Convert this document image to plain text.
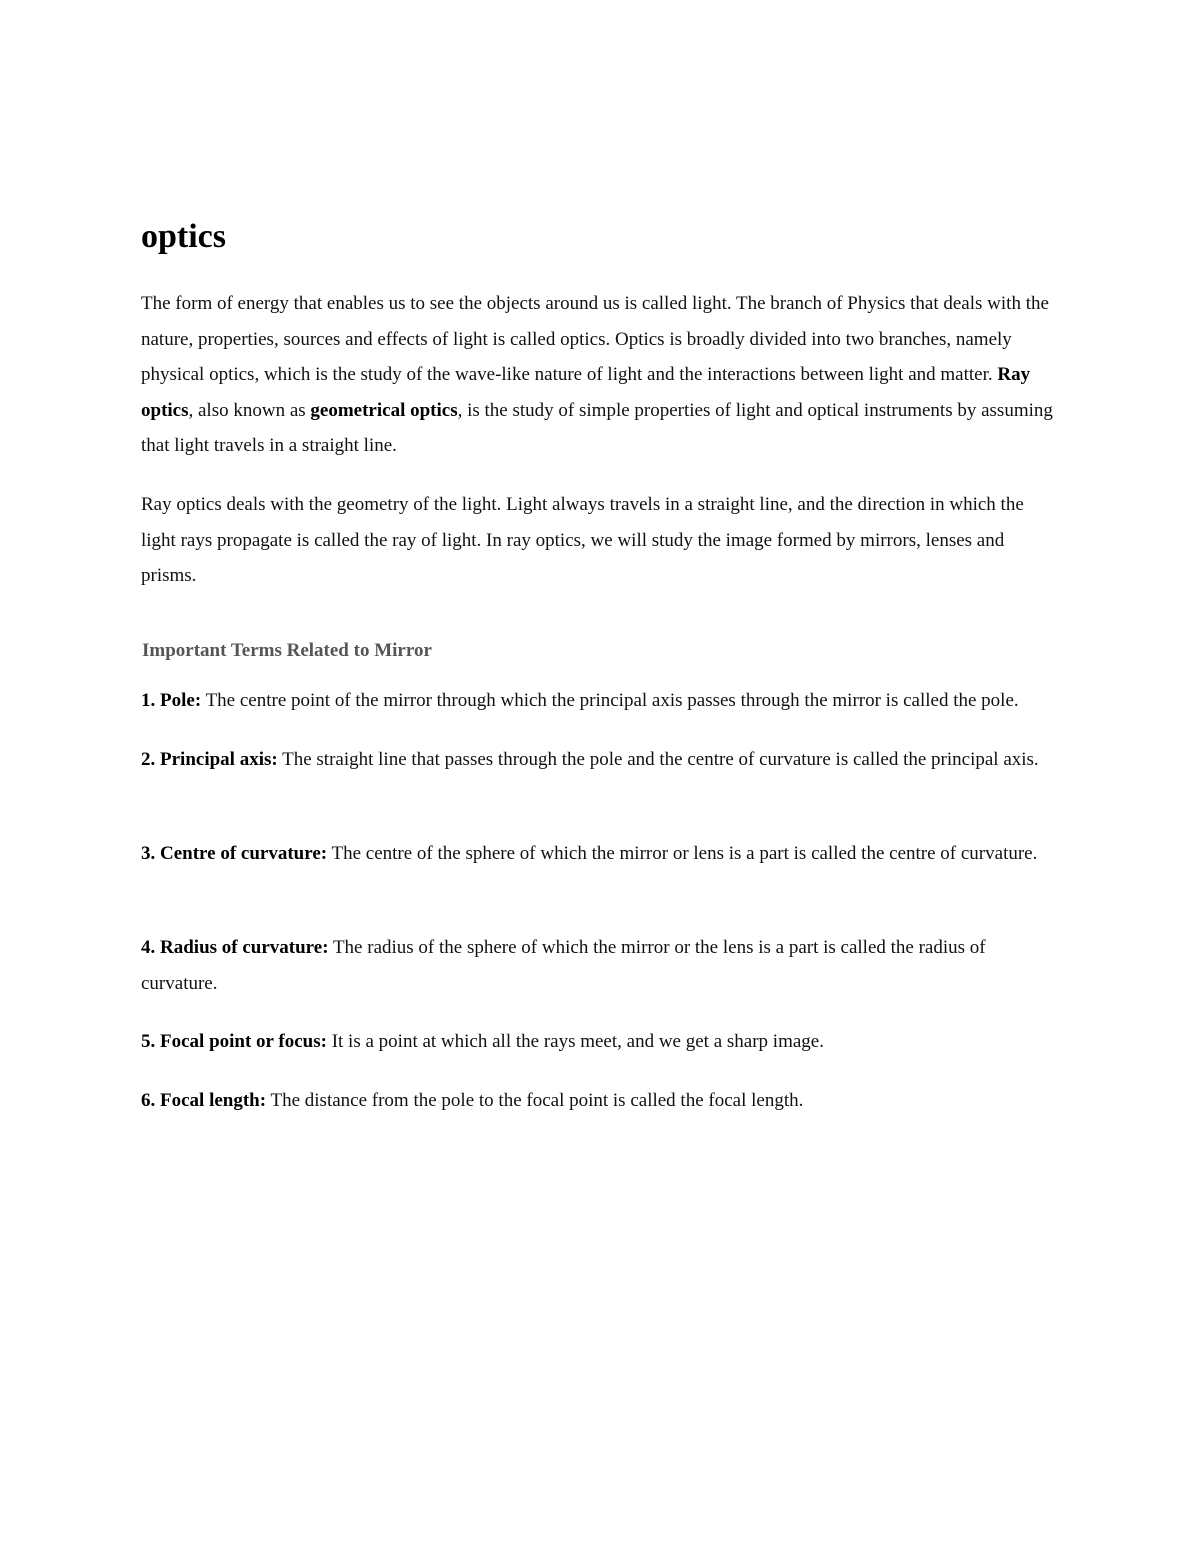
optics

The form of energy that enables us to see the objects around us is called light. The branch of Physics that deals with the nature, properties, sources and effects of light is called optics. Optics is broadly divided into two branches, namely physical optics, which is the study of the wave-like nature of light and the interactions between light and matter. Ray optics, also known as geometrical optics, is the study of simple properties of light and optical instruments by assuming that light travels in a straight line.

Ray optics deals with the geometry of the light. Light always travels in a straight line, and the direction in which the light rays propagate is called the ray of light. In ray optics, we will study the image formed by mirrors, lenses and prisms.

Important Terms Related to Mirror

1. Pole: The centre point of the mirror through which the principal axis passes through the mirror is called the pole.

2. Principal axis: The straight line that passes through the pole and the centre of curvature is called the principal axis.

3. Centre of curvature: The centre of the sphere of which the mirror or lens is a part is called the centre of curvature.

4. Radius of curvature: The radius of the sphere of which the mirror or the lens is a part is called the radius of curvature.

5. Focal point or focus: It is a point at which all the rays meet, and we get a sharp image.

6. Focal length: The distance from the pole to the focal point is called the focal length.
